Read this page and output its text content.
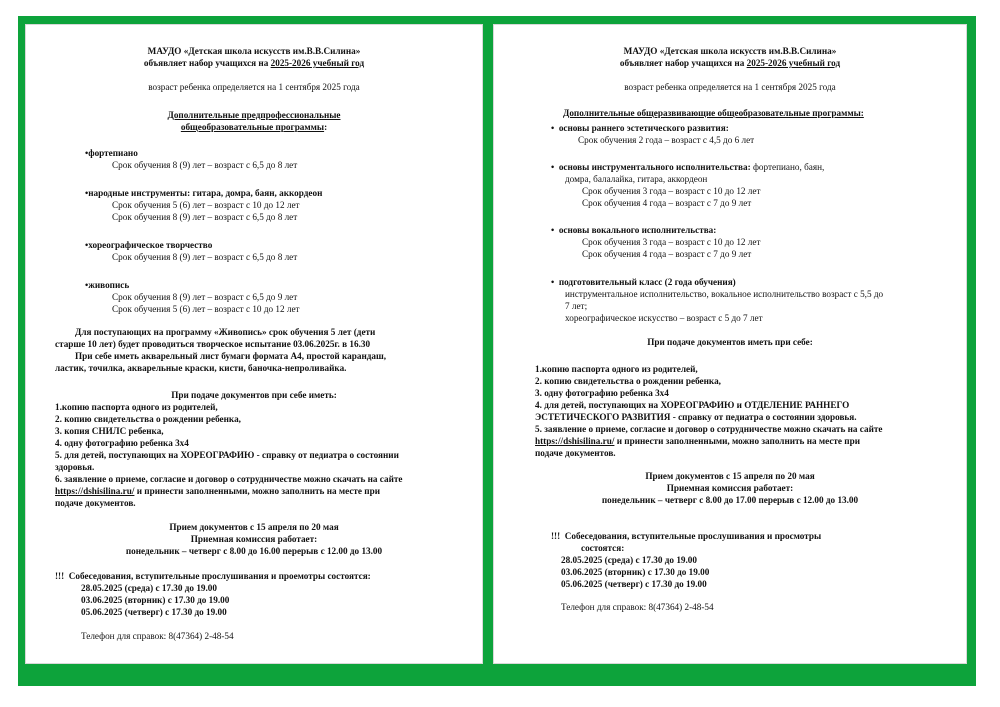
МАУДО «Детская школа искусств им.В.В.Силина»
объявляет набор учащихся на 2025-2026 учебный год
возраст ребенка определяется на 1 сентября 2025 года
Дополнительные предпрофессиональные
общеобразовательные программы:
•фортепиано
Срок обучения 8 (9) лет – возраст с 6,5 до 8 лет
•народные инструменты: гитара, домра, баян, аккордеон
Срок обучения 5 (6) лет – возраст с 10 до 12 лет
Срок обучения 8 (9) лет – возраст с 6,5 до 8 лет
•хореографическое творчество
Срок обучения 8 (9) лет – возраст с 6,5 до 8 лет
•живопись
Срок обучения 8 (9) лет – возраст с 6,5 до 9 лет
Срок обучения 5 (6) лет – возраст с 10 до 12 лет
Для поступающих на программу «Живопись» срок обучения 5 лет (дети
старше 10 лет) будет проводиться творческое испытание 03.06.2025г. в 16.30
При себе иметь акварельный лист бумаги формата А4, простой карандаш,
ластик, точилка, акварельные краски, кисти, баночка-непроливайка.
При подаче документов при себе иметь:
1.копию паспорта одного из родителей,
2. копию свидетельства о рождении ребенка,
3. копия СНИЛС ребенка,
4. одну фотографию ребенка 3х4
5. для детей, поступающих на ХОРЕОГРАФИЮ - справку от педиатра о состоянии
здоровья.
6. заявление о приеме, согласие и договор о сотрудничестве можно скачать на сайте
https://dshisilina.ru/ и принести заполненными, можно заполнить на месте при
подаче документов.
Прием документов с 15 апреля по 20 мая
Приемная комиссия работает:
понедельник – четверг с 8.00 до 16.00 перерыв с 12.00 до 13.00
!!! Собеседования, вступительные прослушивания и проемотры состоятся:
28.05.2025 (среда) с 17.30 до 19.00
03.06.2025 (вторник) с 17.30 до 19.00
05.06.2025 (четверг) с 17.30 до 19.00
Телефон для справок: 8(47364) 2-48-54
МАУДО «Детская школа искусств им.В.В.Силина»
объявляет набор учащихся на 2025-2026 учебный год
возраст ребенка определяется на 1 сентября 2025 года
Дополнительные общеразвивающие общеобразовательные программы:
• основы раннего эстетического развития:
Срок обучения 2 года – возраст с 4,5 до 6 лет
• основы инструментального исполнительства: фортепиано, баян,
домра, балалайка, гитара, аккордеон
Срок обучения 3 года – возраст с 10 до 12 лет
Срок обучения 4 года – возраст с 7 до 9 лет
• основы вокального исполнительства:
Срок обучения 3 года – возраст с 10 до 12 лет
Срок обучения 4 года – возраст с 7 до 9 лет
• подготовительный класс (2 года обучения)
инструментальное исполнительство, вокальное исполнительство возраст с 5,5 до
7 лет;
хореографическое искусство – возраст с 5 до 7 лет
При подаче документов иметь при себе:
1.копию паспорта одного из родителей,
2. копию свидетельства о рождении ребенка,
3. одну фотографию ребенка 3х4
4. для детей, поступающих на ХОРЕОГРАФИЮ и ОТДЕЛЕНИЕ РАННЕГО
ЭСТЕТИЧЕСКОГО РАЗВИТИЯ - справку от педиатра о состоянии здоровья.
5. заявление о приеме, согласие и договор о сотрудничестве можно скачать на сайте
https://dshisilina.ru/ и принести заполненными, можно заполнить на месте при
подаче документов.
Прием документов с 15 апреля по 20 мая
Приемная комиссия работает:
понедельник – четверг с 8.00 до 17.00 перерыв с 12.00 до 13.00
!!! Собеседования, вступительные прослушивания и просмотры
состоятся:
28.05.2025 (среда) с 17.30 до 19.00
03.06.2025 (вторник) с 17.30 до 19.00
05.06.2025 (четверг) с 17.30 до 19.00
Телефон для справок: 8(47364) 2-48-54
